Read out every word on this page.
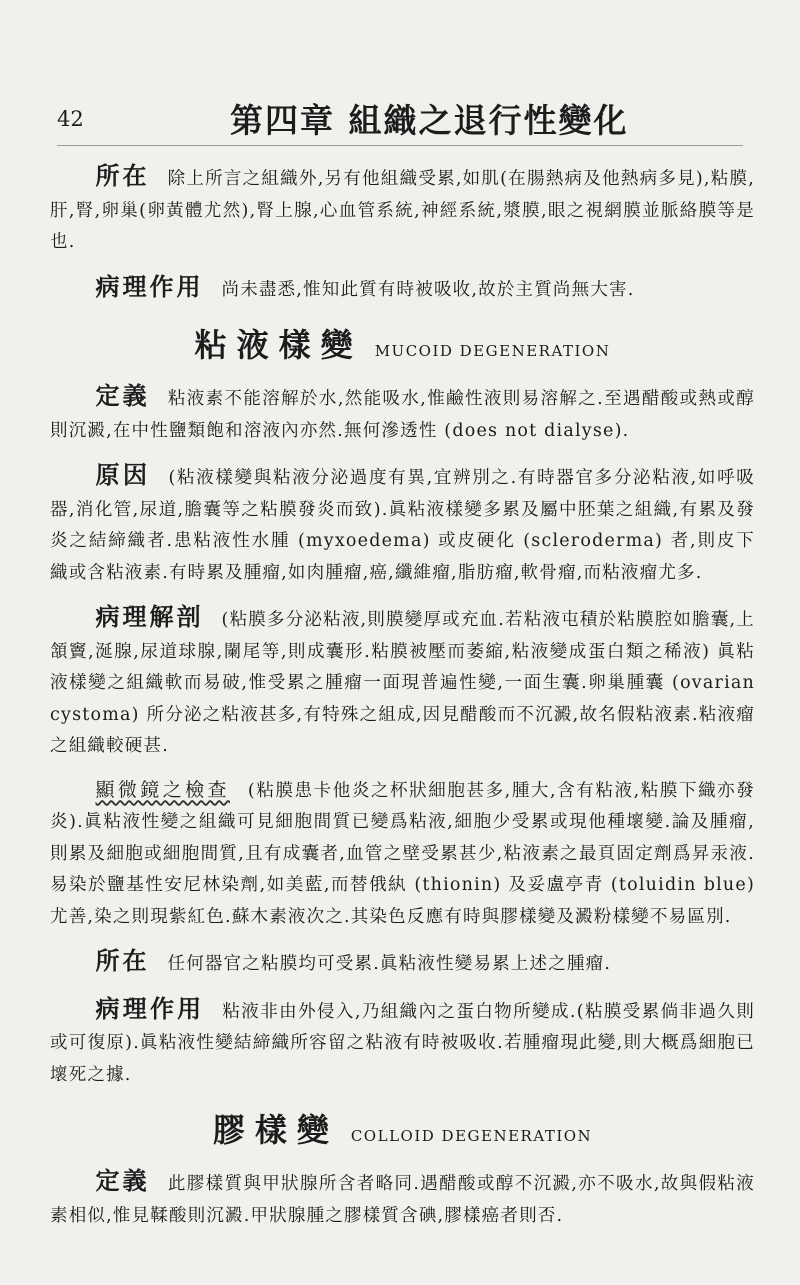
42	第四章 組織之退行性變化

所在 除上所言之組織外,另有他組織受累,如肌(在腸熱病及他熱病多見),粘膜,肝,腎,卵巢(卵黃體尤然),腎上腺,心血管系統,神經系統,漿膜,眼之視網膜並脈絡膜等是也.

病理作用 尚未盡悉,惟知此質有時被吸收,故於主質尚無大害.

粘液樣變 MUCOID DEGENERATION

定義 粘液素不能溶解於水,然能吸水,惟鹼性液則易溶解之.至遇醋酸或熱或醇則沉澱,在中性鹽類飽和溶液內亦然.無何滲透性 (does not dialyse).

原因 (粘液樣變與粘液分泌過度有異,宜辨別之.有時器官多分泌粘液,如呼吸器,消化管,尿道,膽囊等之粘膜發炎而致).眞粘液樣變多累及屬中胚葉之組織,有累及發炎之結締織者.患粘液性水腫 (myxoedema) 或皮硬化 (scleroderma) 者,則皮下織或含粘液素.有時累及腫瘤,如肉腫瘤,癌,纖維瘤,脂肪瘤,軟骨瘤,而粘液瘤尤多.

病理解剖 (粘膜多分泌粘液,則膜變厚或充血.若粘液屯積於粘膜腔如膽囊,上頷竇,涎腺,尿道球腺,闌尾等,則成囊形.粘膜被壓而萎縮,粘液變成蛋白類之稀液) 眞粘液樣變之組織軟而易破,惟受累之腫瘤一面現普遍性變,一面生囊.卵巢腫囊 (ovarian cystoma) 所分泌之粘液甚多,有特殊之組成,因見醋酸而不沉澱,故名假粘液素.粘液瘤之組織較硬甚.

顯微鏡之檢查 (粘膜患卡他炎之杯狀細胞甚多,腫大,含有粘液,粘膜下織亦發炎).眞粘液性變之組織可見細胞間質已變爲粘液,細胞少受累或現他種壞變.論及腫瘤,則累及細胞或細胞間質,且有成囊者,血管之壁受累甚少,粘液素之最頁固定劑爲昇汞液.易染於鹽基性安尼林染劑,如美藍,而替俄紈 (thionin) 及妥盧亭青 (toluidin blue) 尤善,染之則現紫紅色.蘇木素液次之.其染色反應有時與膠樣變及澱粉樣變不易區別.

所在 任何器官之粘膜均可受累.眞粘液性變易累上述之腫瘤.

病理作用 粘液非由外侵入,乃組織內之蛋白物所變成.(粘膜受累倘非過久則或可復原).眞粘液性變結締織所容留之粘液有時被吸收.若腫瘤現此變,則大概爲細胞已壞死之據.

膠樣變 COLLOID DEGENERATION

定義 此膠樣質與甲狀腺所含者略同.遇醋酸或醇不沉澱,亦不吸水,故與假粘液素相似,惟見鞣酸則沉澱.甲狀腺腫之膠樣質含碘,膠樣癌者則否.
